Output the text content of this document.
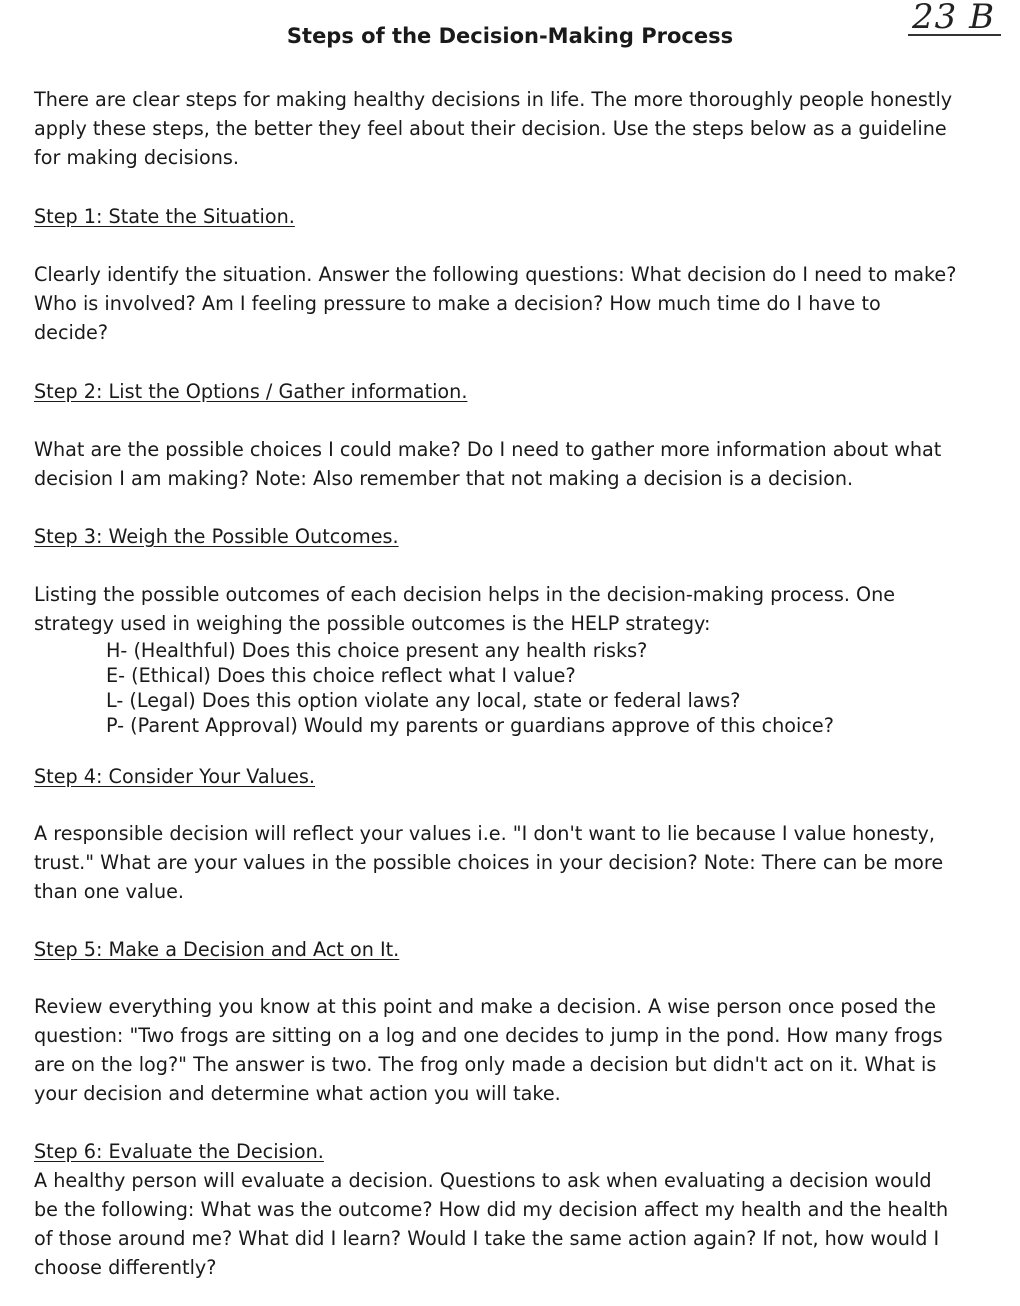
23 B
Steps of the Decision-Making Process
There are clear steps for making healthy decisions in life. The more thoroughly people honestly
apply these steps, the better they feel about their decision. Use the steps below as a guideline
for making decisions.
Step 1: State the Situation.
Clearly identify the situation. Answer the following questions: What decision do I need to make?
Who is involved? Am I feeling pressure to make a decision? How much time do I have to
decide?
Step 2: List the Options / Gather information.
What are the possible choices I could make? Do I need to gather more information about what
decision I am making? Note: Also remember that not making a decision is a decision.
Step 3: Weigh the Possible Outcomes.
Listing the possible outcomes of each decision helps in the decision-making process. One
strategy used in weighing the possible outcomes is the HELP strategy:
H- (Healthful) Does this choice present any health risks?
E- (Ethical) Does this choice reflect what I value?
L- (Legal) Does this option violate any local, state or federal laws?
P- (Parent Approval) Would my parents or guardians approve of this choice?
Step 4: Consider Your Values.
A responsible decision will reflect your values i.e. "I don't want to lie because I value honesty,
trust." What are your values in the possible choices in your decision? Note: There can be more
than one value.
Step 5: Make a Decision and Act on It.
Review everything you know at this point and make a decision. A wise person once posed the
question: "Two frogs are sitting on a log and one decides to jump in the pond. How many frogs
are on the log?" The answer is two. The frog only made a decision but didn't act on it. What is
your decision and determine what action you will take.
Step 6: Evaluate the Decision.
A healthy person will evaluate a decision. Questions to ask when evaluating a decision would
be the following: What was the outcome? How did my decision affect my health and the health
of those around me? What did I learn? Would I take the same action again? If not, how would I
choose differently?
